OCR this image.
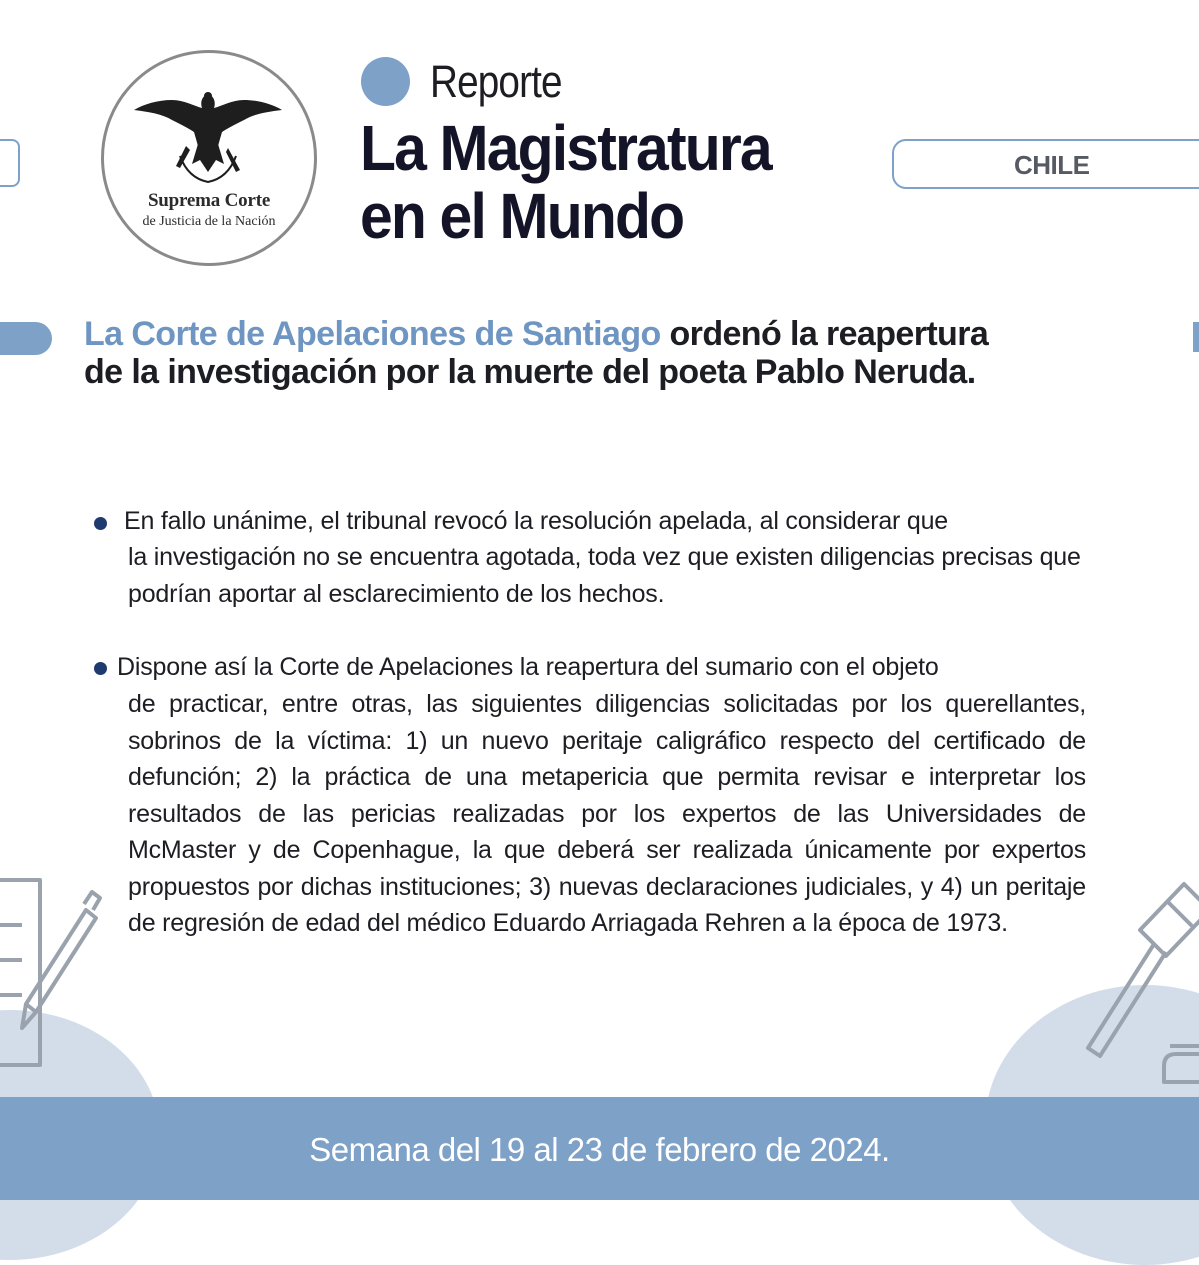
Suprema Corte
de Justicia de la Nación
Reporte
La Magistratura
en el Mundo
CHILE
La Corte de Apelaciones de Santiago ordenó la reapertura
de la investigación por la muerte del poeta Pablo Neruda.
En fallo unánime, el tribunal revocó la resolución apelada, al considerar que
la investigación no se encuentra agotada, toda vez que existen diligencias precisas que podrían aportar al esclarecimiento de los hechos.
Dispone así la Corte de Apelaciones la reapertura del sumario con el objeto
de practicar, entre otras, las siguientes diligencias solicitadas por los querellantes, sobrinos de la víctima: 1) un nuevo peritaje caligráfico respecto del certificado de defunción; 2) la práctica de una metapericia que permita revisar e interpretar los resultados de las pericias realizadas por los expertos de las Universidades de McMaster y de Copenhague, la que deberá ser realizada únicamente por expertos propuestos por dichas instituciones; 3) nuevas declaraciones judiciales, y 4) un peritaje de regresión de edad del médico Eduardo Arriagada Rehren a la época de 1973.
Semana del 19 al 23 de febrero de 2024.
